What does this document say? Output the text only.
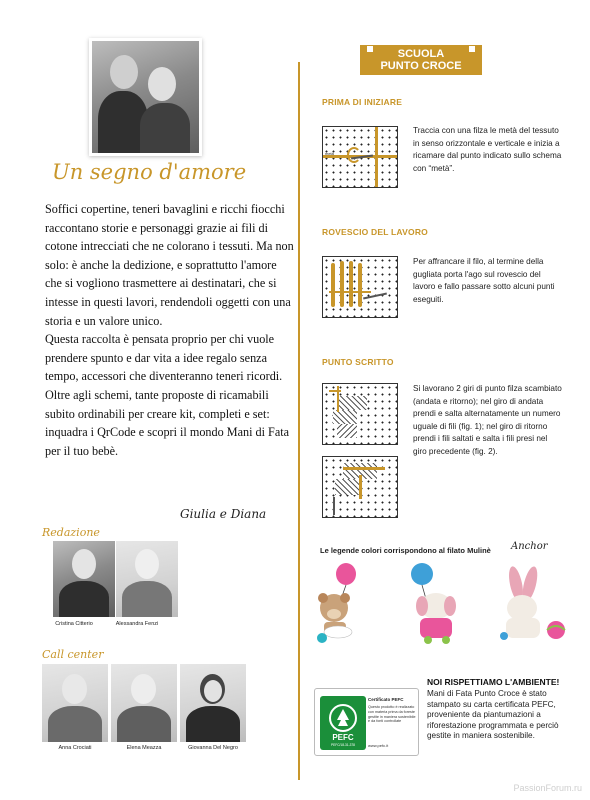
Un segno d'amore

Soffici copertine, teneri bavaglini e ricchi fiocchi raccontano storie e personaggi grazie ai fili di cotone intrecciati che ne colorano i tessuti. Ma non solo: è anche la dedizione, e soprattutto l'amore che si vogliono trasmettere ai destinatari, che si intesse in questi lavori, rendendoli oggetti con una storia e un valore unico.

Questa raccolta è pensata proprio per chi vuole prendere spunto e dar vita a idee regalo senza tempo, accessori che diventeranno teneri ricordi.

Oltre agli schemi, tante proposte di ricamabili subito ordinabili per creare kit, completi e set: inquadra i QrCode e scopri il mondo Mani di Fata per il tuo bebè.

Giulia e Diana
Redazione
Cristina Citterio	Alessandra Fenzi
Call center
Anna Crociati	Elena Meazza	Giovanna Del Negro
SCUOLA
PUNTO CROCE
PRIMA DI INIZIARE
metà
Traccia con una filza le metà del tessuto in senso orizzontale e verticale e inizia a ricamare dal punto indicato sullo schema con “metà”.
ROVESCIO DEL LAVORO
Per affrancare il filo, al termine della gugliata porta l'ago sul rovescio del lavoro e fallo passare sotto alcuni punti eseguiti.
PUNTO SCRITTO
Si lavorano 2 giri di punto filza scambiato (andata e ritorno); nel giro di andata prendi e salta alternatamente un numero uguale di fili (fig. 1); nel giro di ritorno prendi i fili saltati e salta i fili presi nel giro precedente (fig. 2).
Le legende colori corrispondono al filato Mulinè Anchor
NOI RISPETTIAMO L'AMBIENTE!
Mani di Fata Punto Croce è stato stampato su carta certificata PEFC, proveniente da piantumazioni a riforestazione programmata e perciò gestite in maniera sostenibile.
PEFC
PEFC/18-31-378
Certificato PEFC
Questo prodotto è realizzato con materia prima da foreste gestite in maniera sostenibile e da fonti controllate
www.pefc.it
PassionForum.ru
